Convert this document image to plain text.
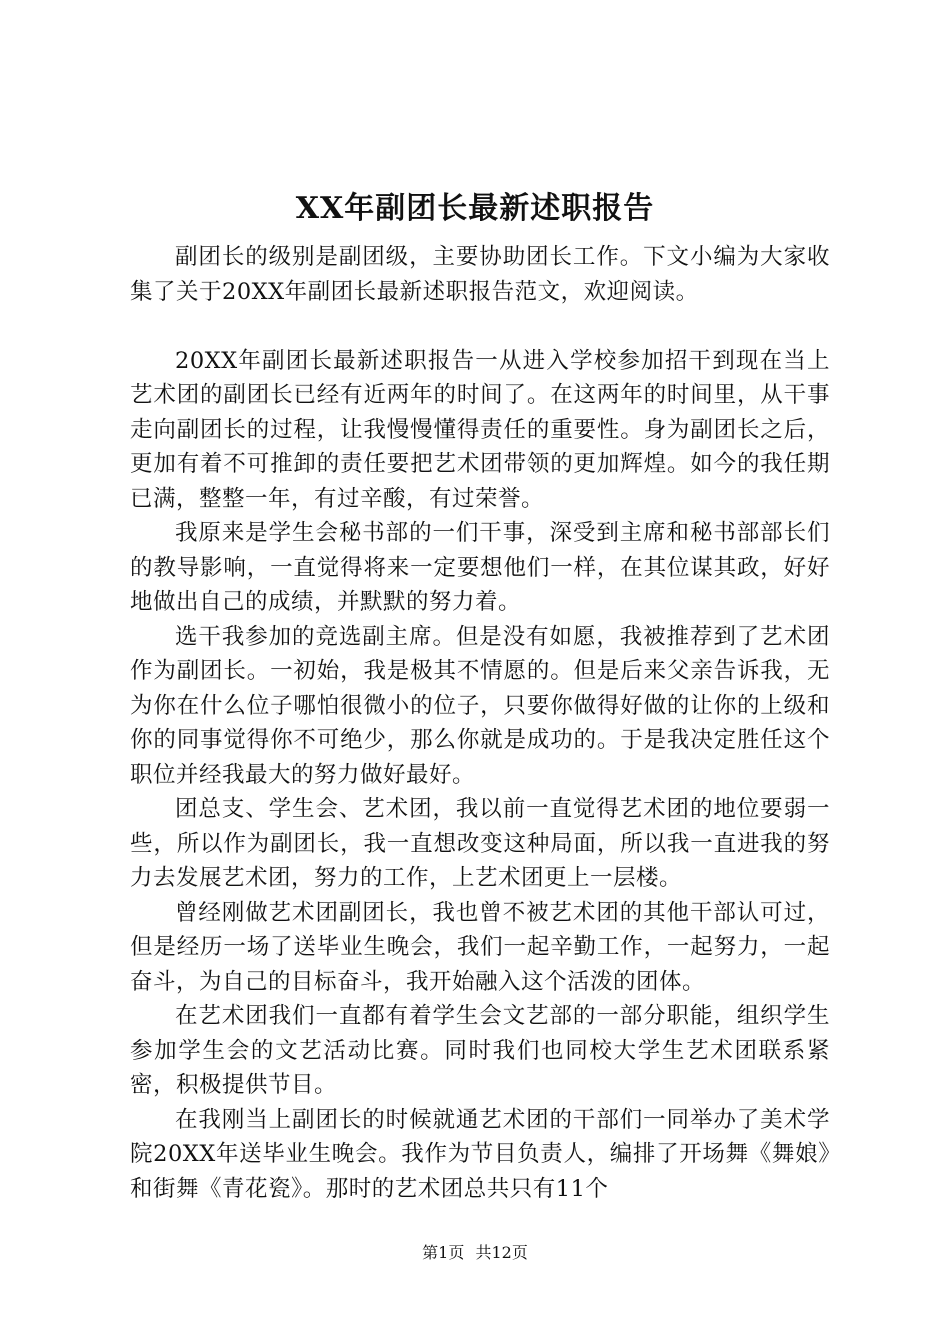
XX年副团长最新述职报告

副团长的级别是副团级，主要协助团长工作。下文小编为大家收集了关于20XX年副团长最新述职报告范文，欢迎阅读。

20XX年副团长最新述职报告一从进入学校参加招干到现在当上艺术团的副团长已经有近两年的时间了。在这两年的时间里，从干事走向副团长的过程，让我慢慢懂得责任的重要性。身为副团长之后，更加有着不可推卸的责任要把艺术团带领的更加辉煌。如今的我任期已满，整整一年，有过辛酸，有过荣誉。

我原来是学生会秘书部的一们干事，深受到主席和秘书部部长们的教导影响，一直觉得将来一定要想他们一样，在其位谋其政，好好地做出自己的成绩，并默默的努力着。

选干我参加的竞选副主席。但是没有如愿，我被推荐到了艺术团作为副团长。一初始，我是极其不情愿的。但是后来父亲告诉我，无为你在什么位子哪怕很微小的位子，只要你做得好做的让你的上级和你的同事觉得你不可绝少，那么你就是成功的。于是我决定胜任这个职位并经我最大的努力做好最好。

团总支、学生会、艺术团，我以前一直觉得艺术团的地位要弱一些，所以作为副团长，我一直想改变这种局面，所以我一直进我的努力去发展艺术团，努力的工作，上艺术团更上一层楼。

曾经刚做艺术团副团长，我也曾不被艺术团的其他干部认可过，但是经历一场了送毕业生晚会，我们一起辛勤工作，一起努力，一起奋斗，为自己的目标奋斗，我开始融入这个活泼的团体。

在艺术团我们一直都有着学生会文艺部的一部分职能，组织学生参加学生会的文艺活动比赛。同时我们也同校大学生艺术团联系紧密，积极提供节目。

在我刚当上副团长的时候就通艺术团的干部们一同举办了美术学院20XX年送毕业生晚会。我作为节目负责人，编排了开场舞《舞娘》和街舞《青花瓷》。那时的艺术团总共只有11个

第1页 共12页
